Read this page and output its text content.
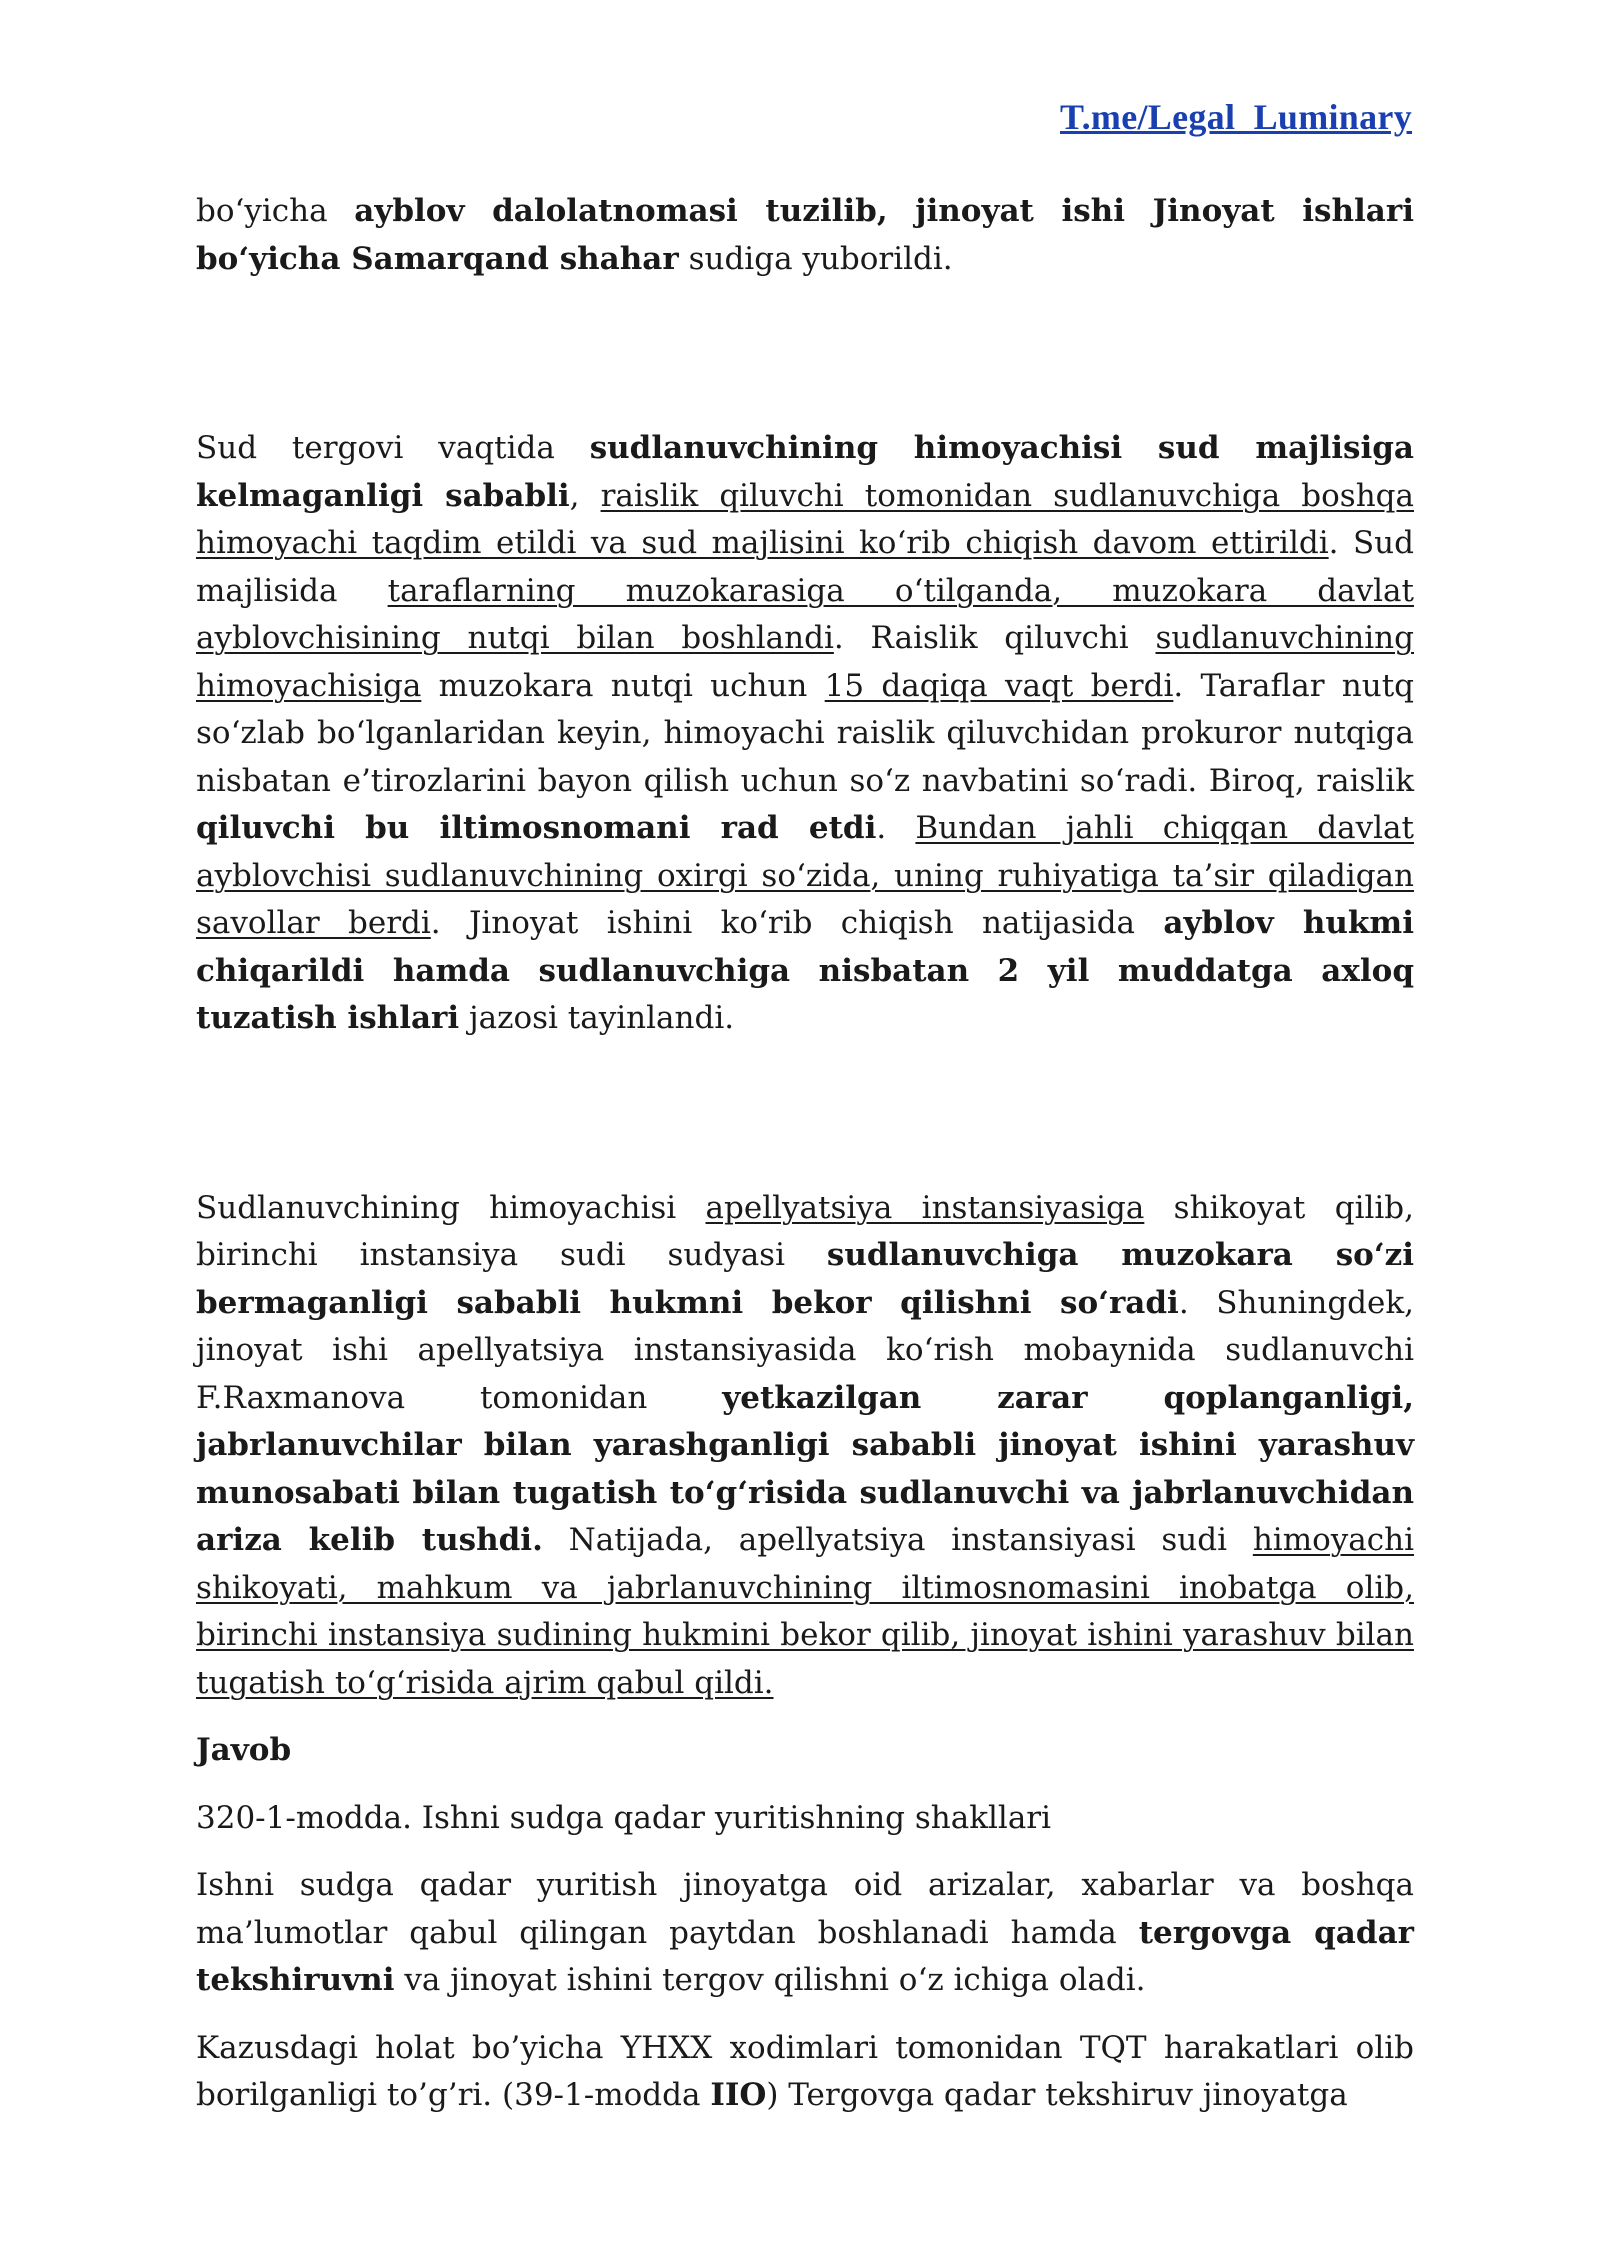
T.me/Legal_Luminary

bo‘yicha ayblov dalolatnomasi tuzilib, jinoyat ishi Jinoyat ishlari bo‘yicha Samarqand shahar sudiga yuborildi.

Sud tergovi vaqtida sudlanuvchining himoyachisi sud majlisiga kelmaganligi sababli, raislik qiluvchi tomonidan sudlanuvchiga boshqa himoyachi taqdim etildi va sud majlisini ko‘rib chiqish davom ettirildi. Sud majlisida taraflarning muzokarasiga o‘tilganda, muzokara davlat ayblovchisining nutqi bilan boshlandi. Raislik qiluvchi sudlanuvchining himoyachisiga muzokara nutqi uchun 15 daqiqa vaqt berdi. Taraflar nutq so‘zlab bo‘lganlaridan keyin, himoyachi raislik qiluvchidan prokuror nutqiga nisbatan e’tirozlarini bayon qilish uchun so‘z navbatini so‘radi. Biroq, raislik qiluvchi bu iltimosnomani rad etdi. Bundan jahli chiqqan davlat ayblovchisi sudlanuvchining oxirgi so‘zida, uning ruhiyatiga ta’sir qiladigan savollar berdi. Jinoyat ishini ko‘rib chiqish natijasida ayblov hukmi chiqarildi hamda sudlanuvchiga nisbatan 2 yil muddatga axloq tuzatish ishlari jazosi tayinlandi.

Sudlanuvchining himoyachisi apellyatsiya instansiyasiga shikoyat qilib, birinchi instansiya sudi sudyasi sudlanuvchiga muzokara so‘zi bermaganligi sababli hukmni bekor qilishni so‘radi. Shuningdek, jinoyat ishi apellyatsiya instansiyasida ko‘rish mobaynida sudlanuvchi F.Raxmanova tomonidan yetkazilgan zarar qoplanganligi, jabrlanuvchilar bilan yarashganligi sababli jinoyat ishini yarashuv munosabati bilan tugatish to‘g‘risida sudlanuvchi va jabrlanuvchidan ariza kelib tushdi. Natijada, apellyatsiya instansiyasi sudi himoyachi shikoyati, mahkum va jabrlanuvchining iltimosnomasini inobatga olib, birinchi instansiya sudining hukmini bekor qilib, jinoyat ishini yarashuv bilan tugatish to‘g‘risida ajrim qabul qildi.

Javob

320-1-modda. Ishni sudga qadar yuritishning shakllari

Ishni sudga qadar yuritish jinoyatga oid arizalar, xabarlar va boshqa ma’lumotlar qabul qilingan paytdan boshlanadi hamda tergovga qadar tekshiruvni va jinoyat ishini tergov qilishni o‘z ichiga oladi.

Kazusdagi holat bo’yicha YHXX xodimlari tomonidan TQT harakatlari olib borilganligi to’g’ri. (39-1-modda IIO) Tergovga qadar tekshiruv jinoyatga
